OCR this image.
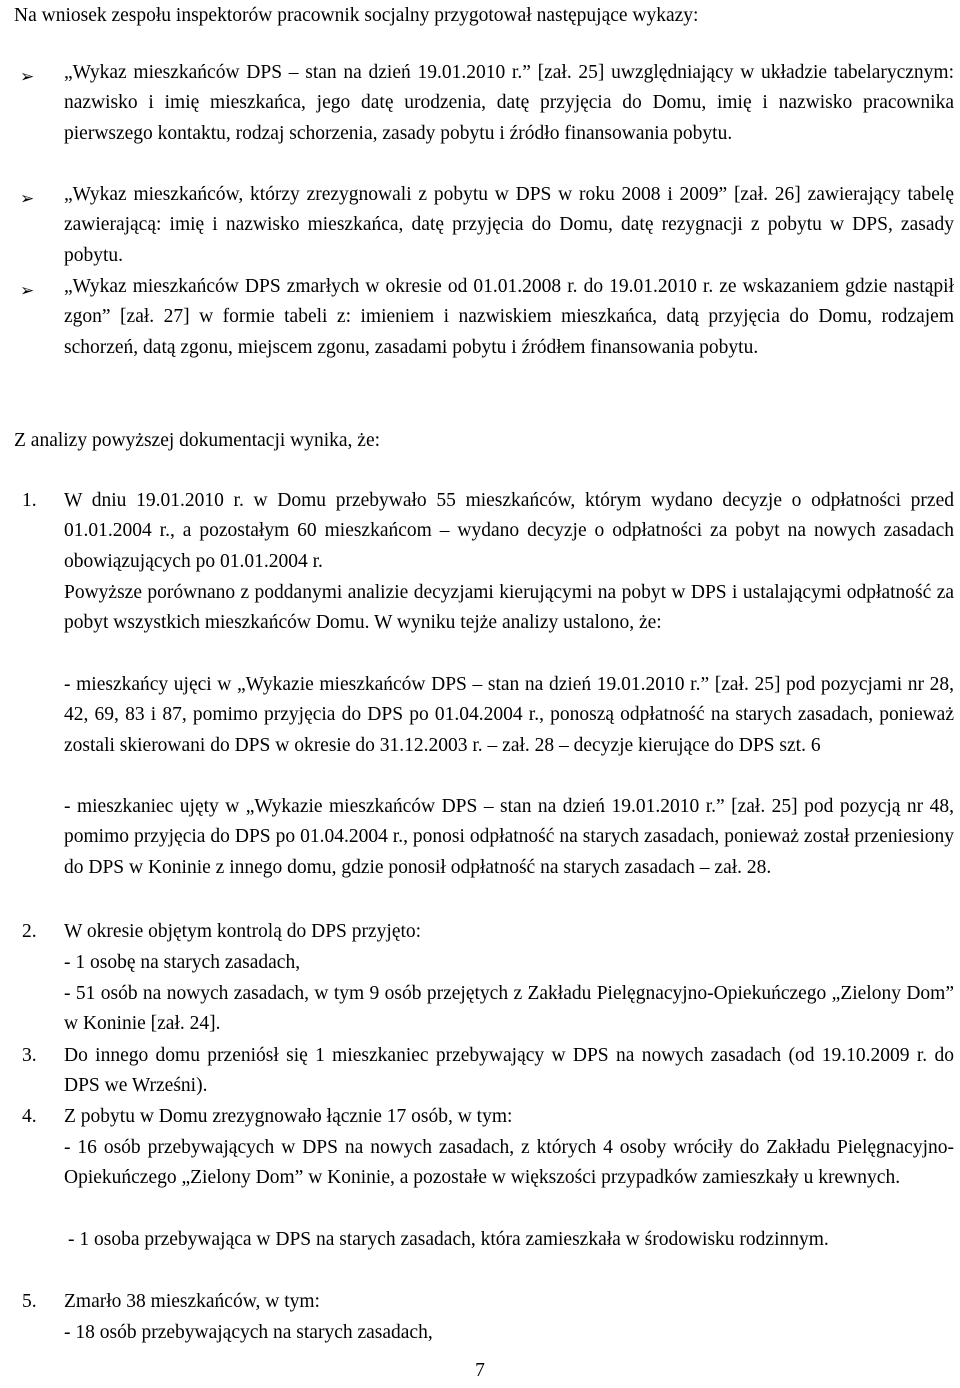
Na wniosek zespołu inspektorów pracownik socjalny przygotował następujące wykazy:
➢	„Wykaz mieszkańców DPS – stan na dzień 19.01.2010 r.” [zał. 25] uwzględniający w układzie tabelarycznym: nazwisko i imię mieszkańca, jego datę urodzenia, datę przyjęcia do Domu, imię i nazwisko pracownika pierwszego kontaktu, rodzaj schorzenia, zasady pobytu i źródło finansowania pobytu.
➢	„Wykaz mieszkańców, którzy zrezygnowali z pobytu w DPS w roku 2008 i 2009” [zał. 26] zawierający tabelę zawierającą: imię i nazwisko mieszkańca, datę przyjęcia do Domu, datę rezygnacji z pobytu w DPS, zasady pobytu.
➢	„Wykaz mieszkańców DPS zmarłych w okresie od 01.01.2008 r. do 19.01.2010 r. ze wskazaniem gdzie nastąpił zgon” [zał. 27] w formie tabeli z: imieniem i nazwiskiem mieszkańca, datą przyjęcia do Domu, rodzajem schorzeń, datą zgonu, miejscem zgonu, zasadami pobytu i źródłem finansowania pobytu.
Z analizy powyższej dokumentacji wynika, że:
1.	W dniu 19.01.2010 r. w Domu przebywało 55 mieszkańców, którym wydano decyzje o odpłatności przed 01.01.2004 r., a pozostałym 60 mieszkańcom – wydano decyzje o odpłatności za pobyt na nowych zasadach obowiązujących po 01.01.2004 r.
Powyższe porównano z poddanymi analizie decyzjami kierującymi na pobyt w DPS i ustalającymi odpłatność za pobyt wszystkich mieszkańców Domu. W wyniku tejże analizy ustalono, że:
- mieszkańcy ujęci w „Wykazie mieszkańców DPS – stan na dzień 19.01.2010 r.” [zał. 25] pod pozycjami nr 28, 42, 69, 83 i 87, pomimo przyjęcia do DPS po 01.04.2004 r., ponoszą odpłatność na starych zasadach, ponieważ zostali skierowani do DPS w okresie do 31.12.2003 r. – zał. 28 – decyzje kierujące do DPS szt. 6
- mieszkaniec ujęty w „Wykazie mieszkańców DPS – stan na dzień 19.01.2010 r.” [zał. 25] pod pozycją nr 48, pomimo przyjęcia do DPS po 01.04.2004 r., ponosi odpłatność na starych zasadach, ponieważ został przeniesiony do DPS w Koninie z innego domu, gdzie ponosił odpłatność na starych zasadach – zał. 28.
2.	W okresie objętym kontrolą do DPS przyjęto:
- 1 osobę na starych zasadach,
- 51 osób na nowych zasadach, w tym 9 osób przejętych z Zakładu Pielęgnacyjno-Opiekuńczego „Zielony Dom” w Koninie [zał. 24].
3.	Do innego domu przeniósł się 1 mieszkaniec przebywający w DPS na nowych zasadach (od 19.10.2009 r. do DPS we Wrześni).
4.	Z pobytu w Domu zrezygnowało łącznie 17 osób, w tym:
- 16 osób przebywających w DPS na nowych zasadach, z których 4 osoby wróciły do Zakładu Pielęgnacyjno-Opiekuńczego „Zielony Dom” w Koninie, a pozostałe w większości przypadków zamieszkały u krewnych.
- 1 osoba przebywająca w DPS na starych zasadach, która zamieszkała w środowisku rodzinnym.
5.	Zmarło 38 mieszkańców, w tym:
- 18 osób przebywających na starych zasadach,
7
